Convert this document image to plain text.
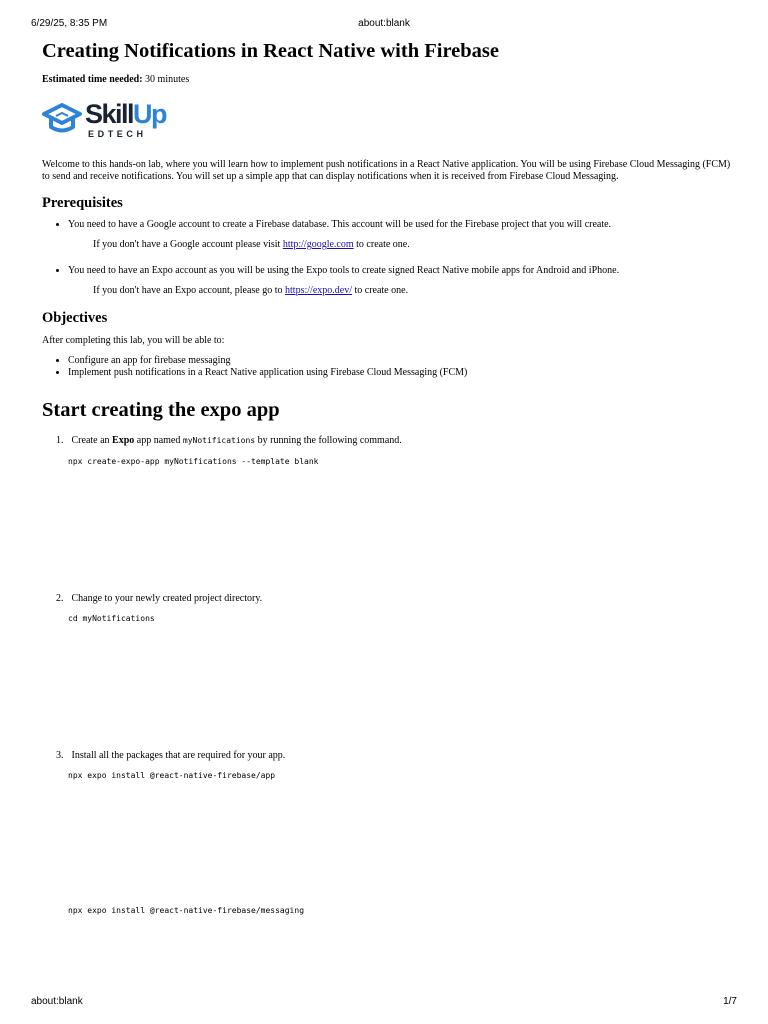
6/29/25, 8:35 PM	about:blank
Creating Notifications in React Native with Firebase
Estimated time needed: 30 minutes
SkillUp
EDTECH

Welcome to this hands-on lab, where you will learn how to implement push notifications in a React Native application. You will be using Firebase Cloud Messaging (FCM) to send and receive notifications. You will set up a simple app that can display notifications when it is received from Firebase Cloud Messaging.

Prerequisites
• You need to have a Google account to create a Firebase database. This account will be used for the Firebase project that you will create.
If you don't have a Google account please visit http://google.com to create one.
• You need to have an Expo account as you will be using the Expo tools to create signed React Native mobile apps for Android and iPhone.
If you don't have an Expo account, please go to https://expo.dev/ to create one.
Objectives

After completing this lab, you will be able to:

• Configure an app for firebase messaging
• Implement push notifications in a React Native application using Firebase Cloud Messaging (FCM)
Start creating the expo app
1. Create an Expo app named myNotifications by running the following command.
npx create-expo-app myNotifications --template blank
2. Change to your newly created project directory.
cd myNotifications
3. Install all the packages that are required for your app.
npx expo install @react-native-firebase/app
npx expo install @react-native-firebase/messaging
about:blank	1/7
